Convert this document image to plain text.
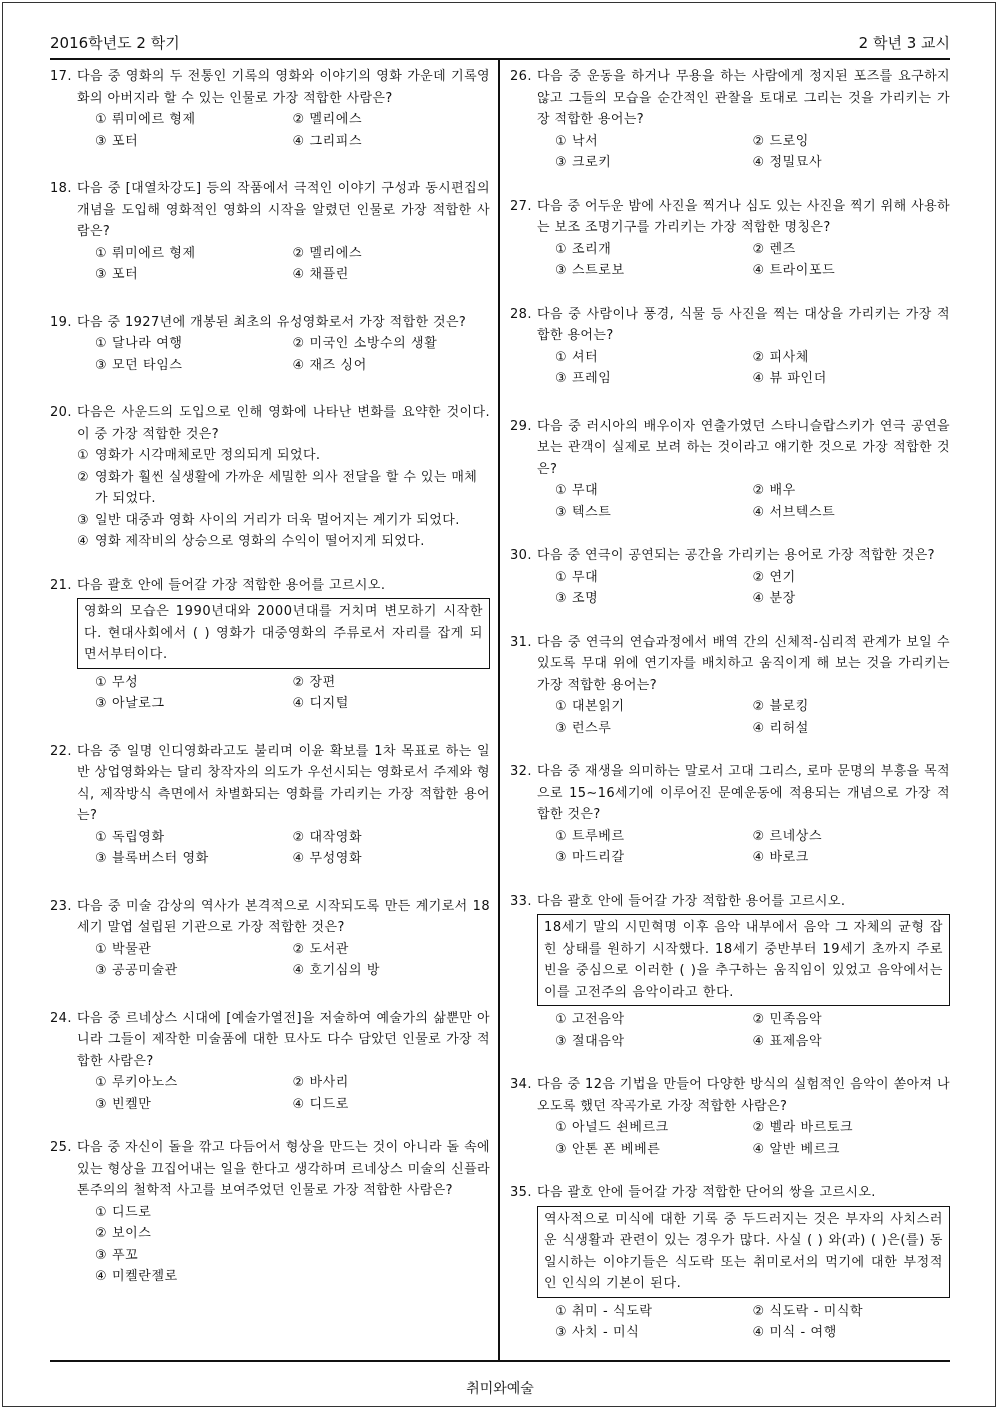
2016학년도 2 학기	2 학년 3 교시
17. 다음 중 영화의 두 전통인 기록의 영화와 이야기의 영화 가운데 기록영화의 아버지라 할 수 있는 인물로 가장 적합한 사람은?
① 뤼미에르 형제	② 멜리에스
③ 포터	④ 그리피스
18. 다음 중 [대열차강도] 등의 작품에서 극적인 이야기 구성과 동시편집의 개념을 도입해 영화적인 영화의 시작을 알렸던 인물로 가장 적합한 사람은?
① 뤼미에르 형제	② 멜리에스
③ 포터	④ 채플린
19. 다음 중 1927년에 개봉된 최초의 유성영화로서 가장 적합한 것은?
① 달나라 여행	② 미국인 소방수의 생활
③ 모던 타임스	④ 재즈 싱어
20. 다음은 사운드의 도입으로 인해 영화에 나타난 변화를 요약한 것이다. 이 중 가장 적합한 것은?
① 영화가 시각매체로만 정의되게 되었다.
② 영화가 훨씬 실생활에 가까운 세밀한 의사 전달을 할 수 있는 매체가 되었다.
③ 일반 대중과 영화 사이의 거리가 더욱 멀어지는 계기가 되었다.
④ 영화 제작비의 상승으로 영화의 수익이 떨어지게 되었다.
21. 다음 괄호 안에 들어갈 가장 적합한 용어를 고르시오.
영화의 모습은 1990년대와 2000년대를 거치며 변모하기 시작한다. 현대사회에서 ( ) 영화가 대중영화의 주류로서 자리를 잡게 되면서부터이다.
① 무성	② 장편
③ 아날로그	④ 디지털
22. 다음 중 일명 인디영화라고도 불리며 이윤 확보를 1차 목표로 하는 일반 상업영화와는 달리 창작자의 의도가 우선시되는 영화로서 주제와 형식, 제작방식 측면에서 차별화되는 영화를 가리키는 가장 적합한 용어는?
① 독립영화	② 대작영화
③ 블록버스터 영화	④ 무성영화
23. 다음 중 미술 감상의 역사가 본격적으로 시작되도록 만든 계기로서 18세기 말엽 설립된 기관으로 가장 적합한 것은?
① 박물관	② 도서관
③ 공공미술관	④ 호기심의 방
24. 다음 중 르네상스 시대에 [예술가열전]을 저술하여 예술가의 삶뿐만 아니라 그들이 제작한 미술품에 대한 묘사도 다수 담았던 인물로 가장 적합한 사람은?
① 루키아노스	② 바사리
③ 빈켈만	④ 디드로
25. 다음 중 자신이 돌을 깎고 다듬어서 형상을 만드는 것이 아니라 돌 속에 있는 형상을 끄집어내는 일을 한다고 생각하며 르네상스 미술의 신플라톤주의의 철학적 사고를 보여주었던 인물로 가장 적합한 사람은?
① 디드로
② 보이스
③ 푸꼬
④ 미켈란젤로
26. 다음 중 운동을 하거나 무용을 하는 사람에게 정지된 포즈를 요구하지 않고 그들의 모습을 순간적인 관찰을 토대로 그리는 것을 가리키는 가장 적합한 용어는?
① 낙서	② 드로잉
③ 크로키	④ 정밀묘사
27. 다음 중 어두운 밤에 사진을 찍거나 심도 있는 사진을 찍기 위해 사용하는 보조 조명기구를 가리키는 가장 적합한 명칭은?
① 조리개	② 렌즈
③ 스트로보	④ 트라이포드
28. 다음 중 사람이나 풍경, 식물 등 사진을 찍는 대상을 가리키는 가장 적합한 용어는?
① 셔터	② 피사체
③ 프레임	④ 뷰 파인더
29. 다음 중 러시아의 배우이자 연출가였던 스타니슬랍스키가 연극 공연을 보는 관객이 실제로 보려 하는 것이라고 얘기한 것으로 가장 적합한 것은?
① 무대	② 배우
③ 텍스트	④ 서브텍스트
30. 다음 중 연극이 공연되는 공간을 가리키는 용어로 가장 적합한 것은?
① 무대	② 연기
③ 조명	④ 분장
31. 다음 중 연극의 연습과정에서 배역 간의 신체적-심리적 관계가 보일 수 있도록 무대 위에 연기자를 배치하고 움직이게 해 보는 것을 가리키는 가장 적합한 용어는?
① 대본읽기	② 블로킹
③ 런스루	④ 리허설
32. 다음 중 재생을 의미하는 말로서 고대 그리스, 로마 문명의 부흥을 목적으로 15∼16세기에 이루어진 문예운동에 적용되는 개념으로 가장 적합한 것은?
① 트루베르	② 르네상스
③ 마드리갈	④ 바로크
33. 다음 괄호 안에 들어갈 가장 적합한 용어를 고르시오.
18세기 말의 시민혁명 이후 음악 내부에서 음악 그 자체의 균형 잡힌 상태를 원하기 시작했다. 18세기 중반부터 19세기 초까지 주로 빈을 중심으로 이러한 ( )을 추구하는 움직임이 있었고 음악에서는 이를 고전주의 음악이라고 한다.
① 고전음악	② 민족음악
③ 절대음악	④ 표제음악
34. 다음 중 12음 기법을 만들어 다양한 방식의 실험적인 음악이 쏟아져 나오도록 했던 작곡가로 가장 적합한 사람은?
① 아널드 쇤베르크	② 벨라 바르토크
③ 안톤 폰 베베른	④ 알반 베르크
35. 다음 괄호 안에 들어갈 가장 적합한 단어의 쌍을 고르시오.
역사적으로 미식에 대한 기록 중 두드러지는 것은 부자의 사치스러운 식생활과 관련이 있는 경우가 많다. 사실 ( ) 와(과) ( )은(를) 동일시하는 이야기들은 식도락 또는 취미로서의 먹기에 대한 부정적인 인식의 기본이 된다.
① 취미 - 식도락	② 식도락 - 미식학
③ 사치 - 미식	④ 미식 - 여행
취미와예술
